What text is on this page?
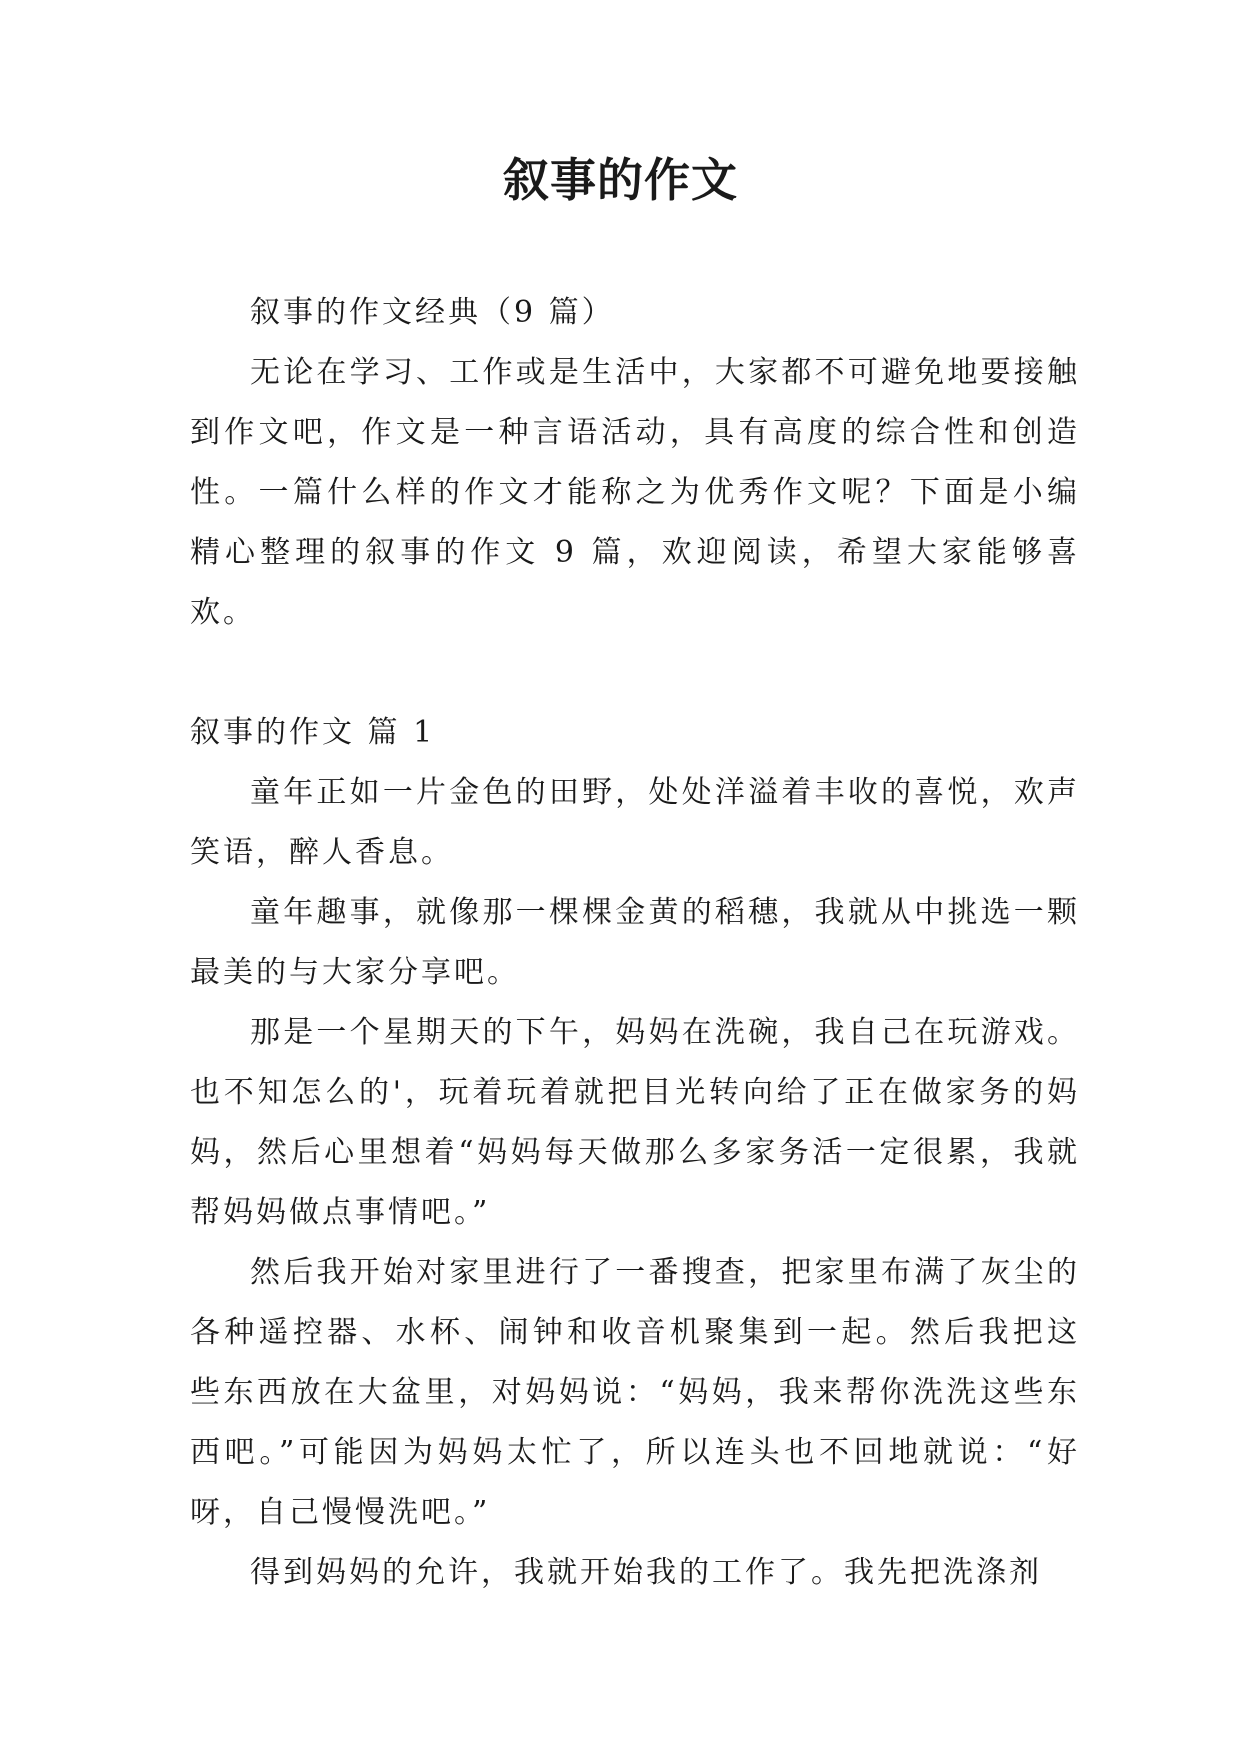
叙事的作文

叙事的作文经典（9 篇）

无论在学习、工作或是生活中，大家都不可避免地要接触到作文吧，作文是一种言语活动，具有高度的综合性和创造性。一篇什么样的作文才能称之为优秀作文呢？下面是小编精心整理的叙事的作文 9 篇，欢迎阅读，希望大家能够喜欢。

叙事的作文 篇 1

童年正如一片金色的田野，处处洋溢着丰收的喜悦，欢声笑语，醉人香息。

童年趣事，就像那一棵棵金黄的稻穗，我就从中挑选一颗最美的与大家分享吧。

那是一个星期天的下午，妈妈在洗碗，我自己在玩游戏。也不知怎么的'，玩着玩着就把目光转向给了正在做家务的妈妈，然后心里想着“妈妈每天做那么多家务活一定很累，我就帮妈妈做点事情吧。”

然后我开始对家里进行了一番搜查，把家里布满了灰尘的各种遥控器、水杯、闹钟和收音机聚集到一起。然后我把这些东西放在大盆里，对妈妈说：“妈妈，我来帮你洗洗这些东西吧。”可能因为妈妈太忙了，所以连头也不回地就说：“好呀，自己慢慢洗吧。”

得到妈妈的允许，我就开始我的工作了。我先把洗涤剂
